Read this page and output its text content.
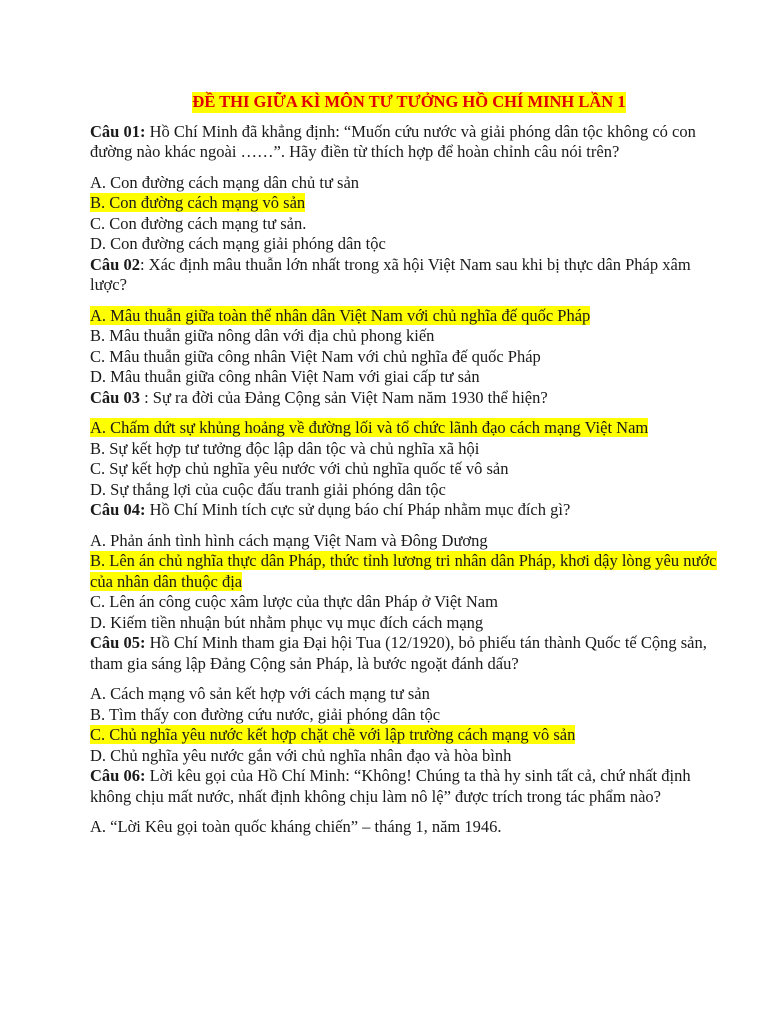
ĐỀ THI GIỮA KÌ MÔN TƯ TƯỞNG HỒ CHÍ MINH LẦN 1

Câu 01: Hồ Chí Minh đã khẳng định: “Muốn cứu nước và giải phóng dân tộc không có con đường nào khác ngoài ……”. Hãy điền từ thích hợp để hoàn chỉnh câu nói trên?

A. Con đường cách mạng dân chủ tư sản

B. Con đường cách mạng vô sản

C. Con đường cách mạng tư sản.

D. Con đường cách mạng giải phóng dân tộc

Câu 02: Xác định mâu thuẫn lớn nhất trong xã hội Việt Nam sau khi bị thực dân Pháp xâm lược?

A. Mâu thuẫn giữa toàn thể nhân dân Việt Nam với chủ nghĩa đế quốc Pháp

B. Mâu thuẫn giữa nông dân với địa chủ phong kiến

C. Mâu thuẫn giữa công nhân Việt Nam với chủ nghĩa đế quốc Pháp

D. Mâu thuẫn giữa công nhân Việt Nam với giai cấp tư sản

Câu 03 : Sự ra đời của Đảng Cộng sản Việt Nam năm 1930 thể hiện?

A. Chấm dứt sự khủng hoảng về đường lối và tổ chức lãnh đạo cách mạng Việt Nam

B. Sự kết hợp tư tưởng độc lập dân tộc và chủ nghĩa xã hội

C. Sự kết hợp chủ nghĩa yêu nước với chủ nghĩa quốc tế vô sản

D. Sự thắng lợi của cuộc đấu tranh giải phóng dân tộc

Câu 04: Hồ Chí Minh tích cực sử dụng báo chí Pháp nhằm mục đích gì?

A. Phản ánh tình hình cách mạng Việt Nam và Đông Dương

B. Lên án chủ nghĩa thực dân Pháp, thức tỉnh lương tri nhân dân Pháp, khơi dậy lòng yêu nước của nhân dân thuộc địa

C. Lên án công cuộc xâm lược của thực dân Pháp ở Việt Nam

D. Kiếm tiền nhuận bút nhằm phục vụ mục đích cách mạng

Câu 05: Hồ Chí Minh tham gia Đại hội Tua (12/1920), bỏ phiếu tán thành Quốc tế Cộng sản, tham gia sáng lập Đảng Cộng sản Pháp, là bước ngoặt đánh dấu?

A. Cách mạng vô sản kết hợp với cách mạng tư sản

B. Tìm thấy con đường cứu nước, giải phóng dân tộc

C. Chủ nghĩa yêu nước kết hợp chặt chẽ với lập trường cách mạng vô sản

D. Chủ nghĩa yêu nước gắn với chủ nghĩa nhân đạo và hòa bình

Câu 06: Lời kêu gọi của Hồ Chí Minh: “Không! Chúng ta thà hy sinh tất cả, chứ nhất định không chịu mất nước, nhất định không chịu làm nô lệ” được trích trong tác phẩm nào?

A. “Lời Kêu gọi toàn quốc kháng chiến” – tháng 1, năm 1946.
